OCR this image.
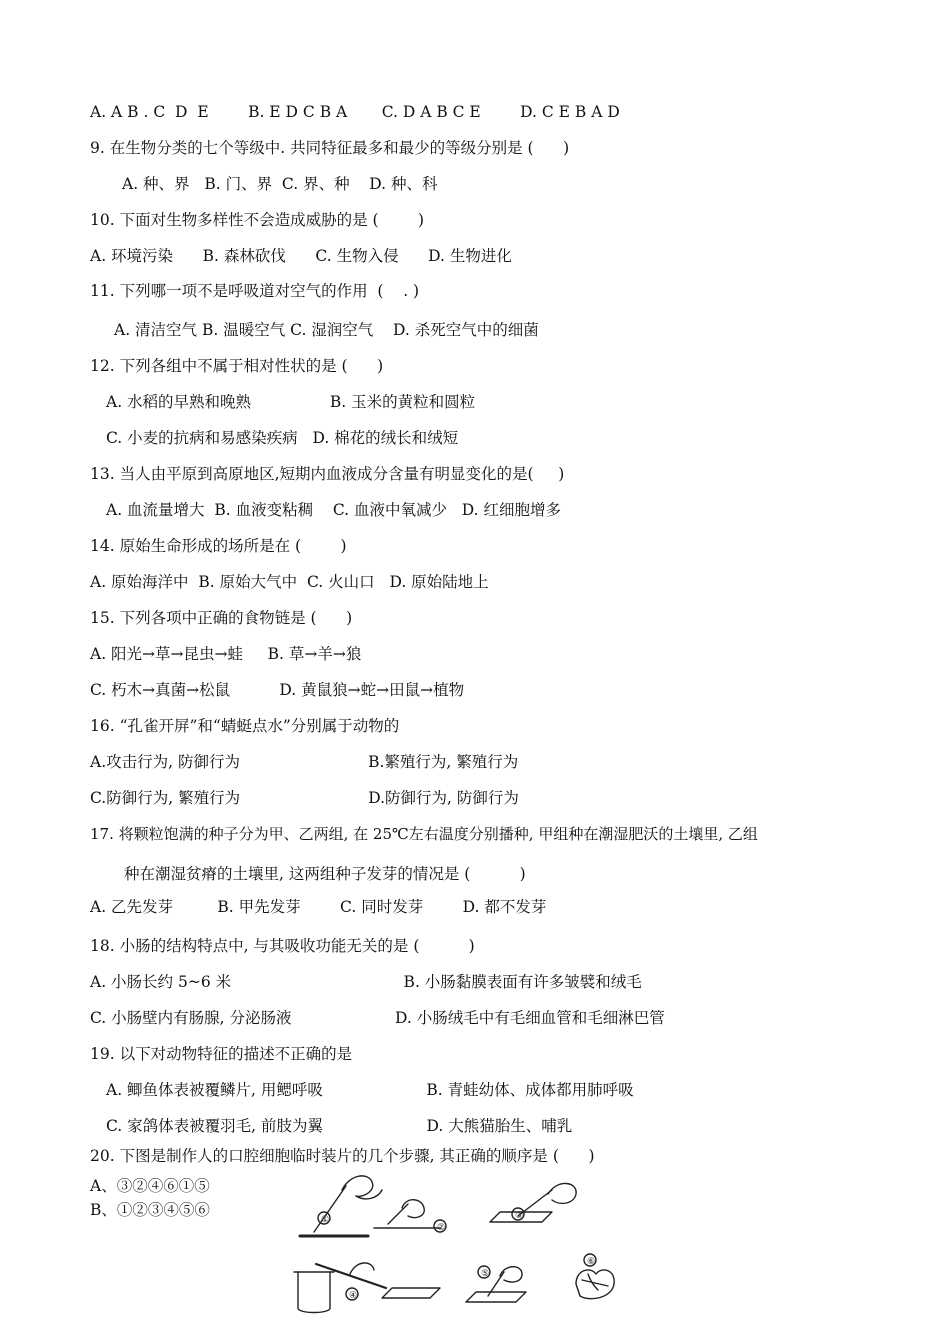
A. A B . C  D  E        B. E D C B A       C. D A B C E        D. C E B A D
9. 在生物分类的七个等级中. 共同特征最多和最少的等级分别是 (      )
A. 种、界   B. 门、界  C. 界、种    D. 种、科
10. 下面对生物多样性不会造成威胁的是 (        )
A. 环境污染      B. 森林砍伐      C. 生物入侵      D. 生物进化
11. 下列哪一项不是呼吸道对空气的作用  (    . )
A. 清洁空气 B. 温暖空气 C. 湿润空气    D. 杀死空气中的细菌
12. 下列各组中不属于相对性状的是 (      )
A. 水稻的早熟和晚熟                B. 玉米的黄粒和圆粒
C. 小麦的抗病和易感染疾病   D. 棉花的绒长和绒短
13. 当人由平原到高原地区,短期内血液成分含量有明显变化的是(     )
A. 血流量增大  B. 血液变粘稠    C. 血液中氧减少   D. 红细胞增多
14. 原始生命形成的场所是在 (        )
A. 原始海洋中  B. 原始大气中  C. 火山口   D. 原始陆地上
15. 下列各项中正确的食物链是 (      )
A. 阳光→草→昆虫→蛙     B. 草→羊→狼
C. 朽木→真菌→松鼠          D. 黄鼠狼→蛇→田鼠→植物
16. “孔雀开屏”和“蜻蜓点水”分别属于动物的
A.攻击行为, 防御行为                          B.繁殖行为, 繁殖行为
C.防御行为, 繁殖行为                          D.防御行为, 防御行为
17. 将颗粒饱满的种子分为甲、乙两组, 在 25℃左右温度分别播种, 甲组种在潮湿肥沃的土壤里, 乙组
种在潮湿贫瘠的土壤里, 这两组种子发芽的情况是 (          )
A. 乙先发芽         B. 甲先发芽        C. 同时发芽        D. 都不发芽
18. 小肠的结构特点中, 与其吸收功能无关的是 (          )
A. 小肠长约 5~6 米                                   B. 小肠黏膜表面有许多皱襞和绒毛
C. 小肠壁内有肠腺, 分泌肠液                     D. 小肠绒毛中有毛细血管和毛细淋巴管
19. 以下对动物特征的描述不正确的是
A. 鲫鱼体表被覆鳞片, 用鳃呼吸                     B. 青蛙幼体、成体都用肺呼吸
C. 家鸽体表被覆羽毛, 前肢为翼                     D. 大熊猫胎生、哺乳
20. 下图是制作人的口腔细胞临时装片的几个步骤, 其正确的顺序是 (      )
A、③②④⑥①⑤
B、①②③④⑤⑥
①
②
③
④
⑤
⑥
